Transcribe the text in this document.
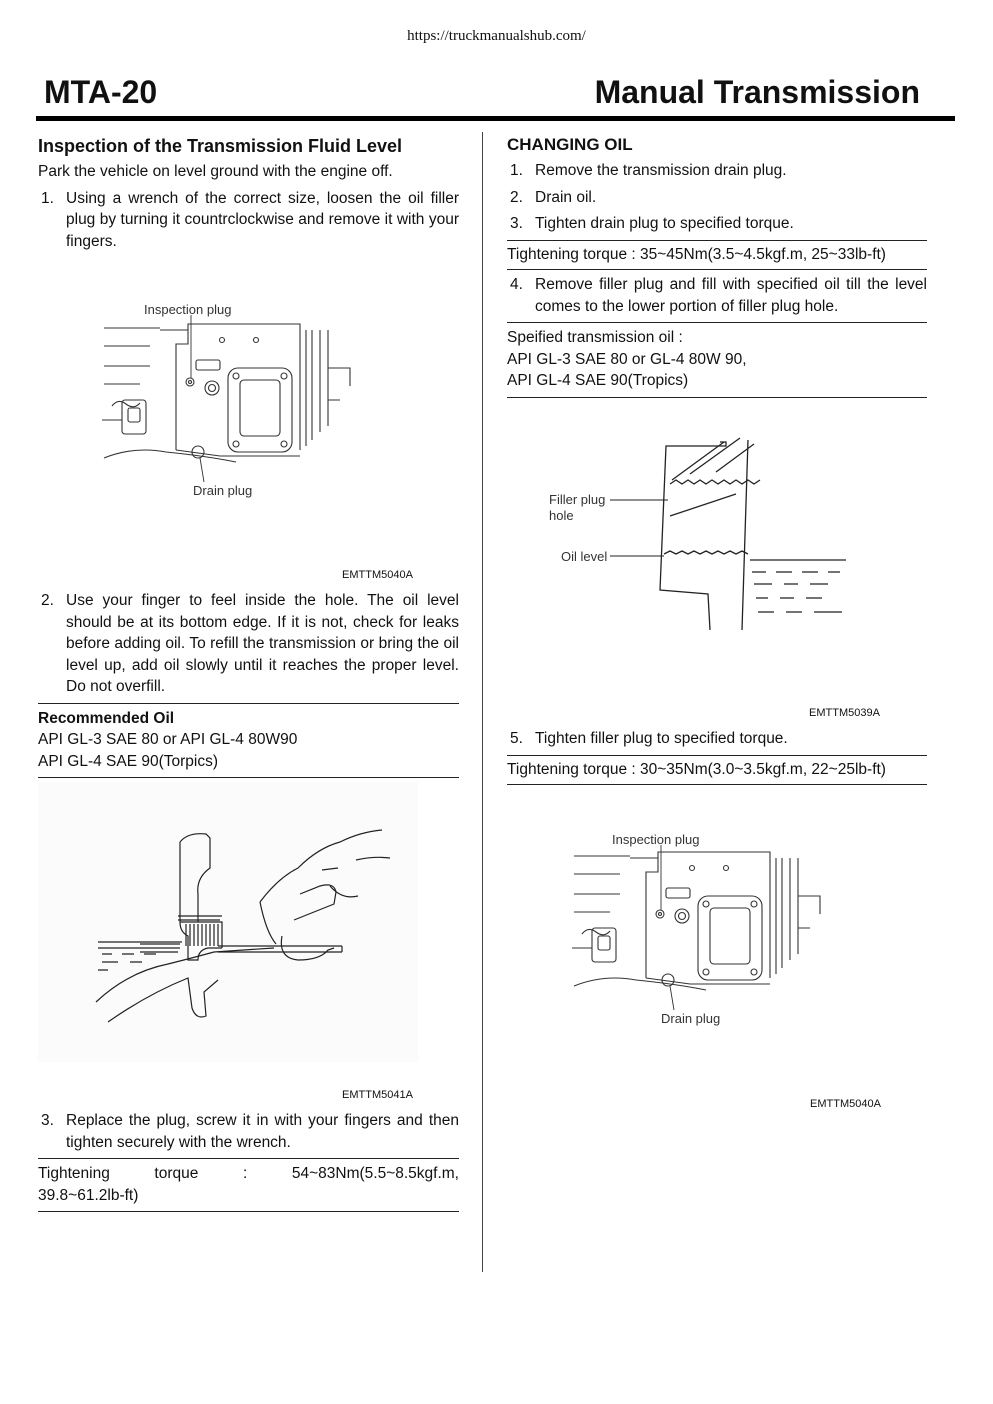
https://truckmanualshub.com/
MTA-20	Manual Transmission
Inspection of the Transmission Fluid Level

Park the vehicle on level ground with the engine off.

1. Using a wrench of the correct size, loosen the oil filler plug by turning it countrclockwise and remove it with your fingers.
Inspection plug
Drain plug
EMTTM5040A
2. Use your finger to feel inside the hole. The oil level should be at its bottom edge. If it is not, check for leaks before adding oil. To refill the transmission or bring the oil level up, add oil slowly until it reaches the proper level. Do not overfill.
Recommended Oil
API GL-3 SAE 80 or API GL-4 80W90
API GL-4 SAE 90(Torpics)
EMTTM5041A
3. Replace the plug, screw it in with your fingers and then tighten securely with the wrench.
Tightening torque : 54~83Nm(5.5~8.5kgf.m,
39.8~61.2lb-ft)
CHANGING OIL
1. Remove the transmission drain plug.
2. Drain oil.
3. Tighten drain plug to specified torque.
Tightening torque : 35~45Nm(3.5~4.5kgf.m, 25~33lb-ft)
4. Remove filler plug and fill with specified oil till the level comes to the lower portion of filler plug hole.
Speified transmission oil :
API GL-3 SAE 80 or GL-4 80W 90,
API GL-4 SAE 90(Tropics)
Filler plug
hole
Oil level
EMTTM5039A
5. Tighten filler plug to specified torque.
Tightening torque : 30~35Nm(3.0~3.5kgf.m, 22~25lb-ft)
Inspection plug
Drain plug
EMTTM5040A
